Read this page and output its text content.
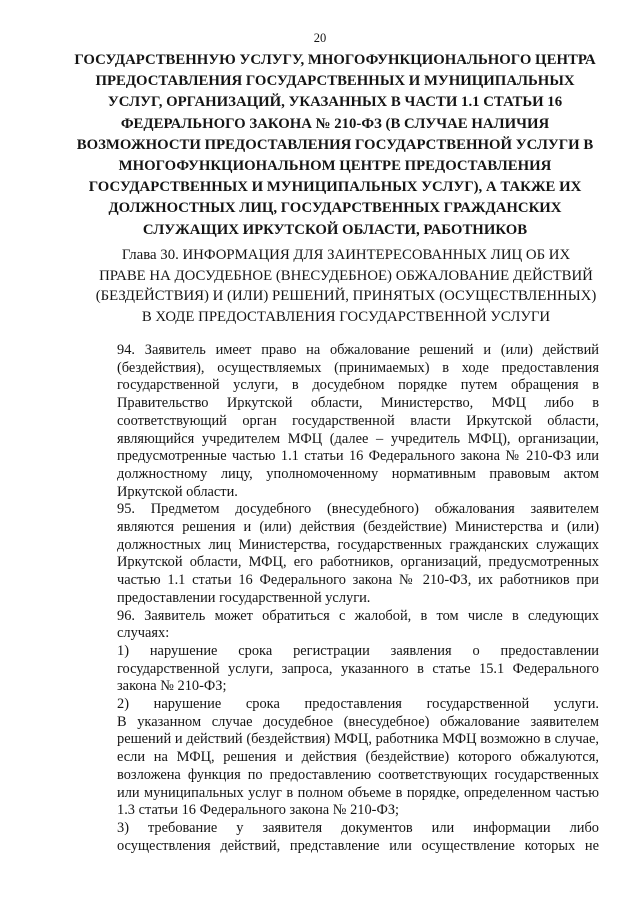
20
ГОСУДАРСТВЕННУЮ УСЛУГУ, МНОГОФУНКЦИОНАЛЬНОГО ЦЕНТРА
ПРЕДОСТАВЛЕНИЯ ГОСУДАРСТВЕННЫХ И МУНИЦИПАЛЬНЫХ
УСЛУГ, ОРГАНИЗАЦИЙ, УКАЗАННЫХ В ЧАСТИ 1.1 СТАТЬИ 16
ФЕДЕРАЛЬНОГО ЗАКОНА № 210-ФЗ (В СЛУЧАЕ НАЛИЧИЯ
ВОЗМОЖНОСТИ ПРЕДОСТАВЛЕНИЯ ГОСУДАРСТВЕННОЙ УСЛУГИ В
МНОГОФУНКЦИОНАЛЬНОМ ЦЕНТРЕ ПРЕДОСТАВЛЕНИЯ
ГОСУДАРСТВЕННЫХ И МУНИЦИПАЛЬНЫХ УСЛУГ), А ТАКЖЕ ИХ
ДОЛЖНОСТНЫХ ЛИЦ, ГОСУДАРСТВЕННЫХ ГРАЖДАНСКИХ
СЛУЖАЩИХ ИРКУТСКОЙ ОБЛАСТИ, РАБОТНИКОВ
Глава 30. ИНФОРМАЦИЯ ДЛЯ ЗАИНТЕРЕСОВАННЫХ ЛИЦ ОБ ИХ
ПРАВЕ НА ДОСУДЕБНОЕ (ВНЕСУДЕБНОЕ) ОБЖАЛОВАНИЕ ДЕЙСТВИЙ
(БЕЗДЕЙСТВИЯ) И (ИЛИ) РЕШЕНИЙ, ПРИНЯТЫХ (ОСУЩЕСТВЛЕННЫХ)
В ХОДЕ ПРЕДОСТАВЛЕНИЯ ГОСУДАРСТВЕННОЙ УСЛУГИ
94. Заявитель имеет право на обжалование решений и (или) действий
(бездействия), осуществляемых (принимаемых) в ходе предоставления
государственной услуги, в досудебном порядке путем обращения в
Правительство Иркутской области, Министерство, МФЦ либо в
соответствующий орган государственной власти Иркутской области,
являющийся учредителем МФЦ (далее – учредитель МФЦ), организации,
предусмотренные частью 1.1 статьи 16 Федерального закона № 210-ФЗ или
должностному лицу, уполномоченному нормативным правовым актом
Иркутской области.
95. Предметом досудебного (внесудебного) обжалования заявителем
являются решения и (или) действия (бездействие) Министерства и (или)
должностных лиц Министерства, государственных гражданских служащих
Иркутской области, МФЦ, его работников, организаций, предусмотренных
частью 1.1 статьи 16 Федерального закона № 210-ФЗ, их работников при
предоставлении государственной услуги.
96. Заявитель может обратиться с жалобой, в том числе в следующих
случаях:
1) нарушение срока регистрации заявления о предоставлении
государственной услуги, запроса, указанного в статье 15.1 Федерального
закона № 210-ФЗ;
2) нарушение срока предоставления государственной услуги.
В указанном случае досудебное (внесудебное) обжалование заявителем
решений и действий (бездействия) МФЦ, работника МФЦ возможно в случае,
если на МФЦ, решения и действия (бездействие) которого обжалуются,
возложена функция по предоставлению соответствующих государственных
или муниципальных услуг в полном объеме в порядке, определенном частью
1.3 статьи 16 Федерального закона № 210-ФЗ;
3) требование у заявителя документов или информации либо
осуществления действий, представление или осуществление которых не
